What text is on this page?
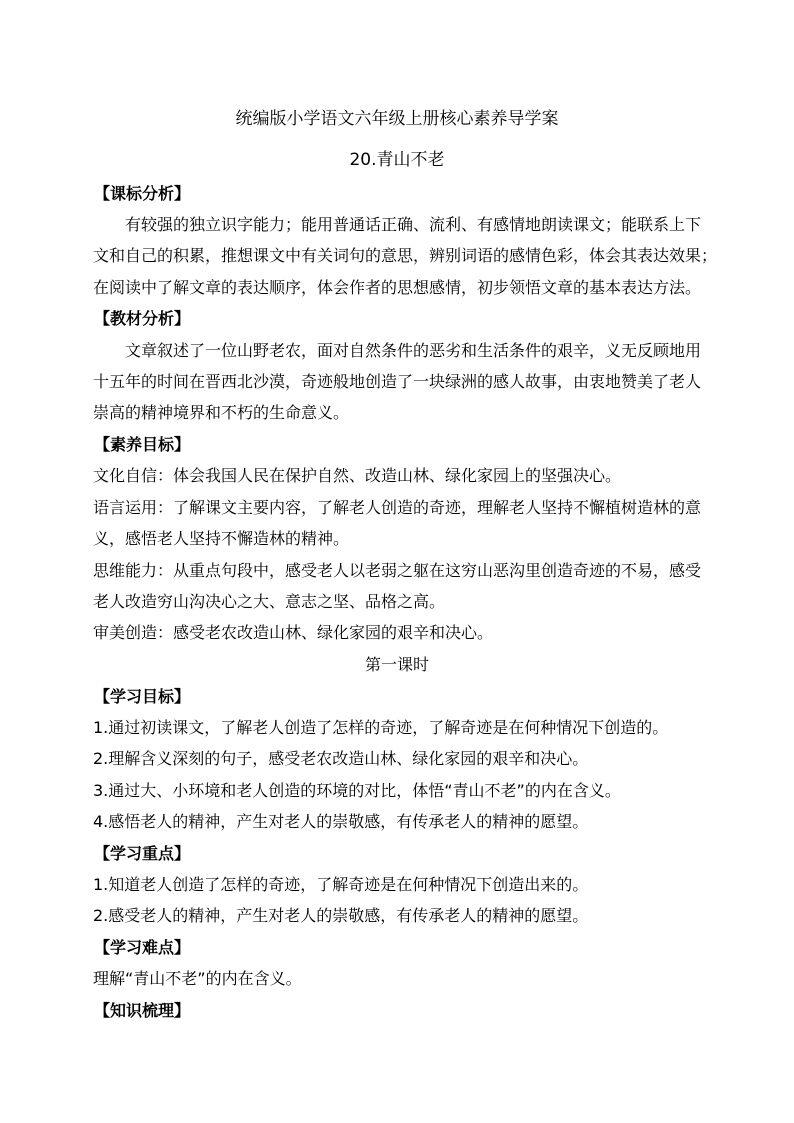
统编版小学语文六年级上册核心素养导学案
20.青山不老
【课标分析】
有较强的独立识字能力；能用普通话正确、流利、有感情地朗读课文；能联系上下
文和自己的积累，推想课文中有关词句的意思，辨别词语的感情色彩，体会其表达效果；
在阅读中了解文章的表达顺序，体会作者的思想感情，初步领悟文章的基本表达方法。
【教材分析】
文章叙述了一位山野老农，面对自然条件的恶劣和生活条件的艰辛，义无反顾地用
十五年的时间在晋西北沙漠，奇迹般地创造了一块绿洲的感人故事，由衷地赞美了老人
崇高的精神境界和不朽的生命意义。
【素养目标】
文化自信：体会我国人民在保护自然、改造山林、绿化家园上的坚强决心。
语言运用：了解课文主要内容，了解老人创造的奇迹，理解老人坚持不懈植树造林的意
义，感悟老人坚持不懈造林的精神。
思维能力：从重点句段中，感受老人以老弱之躯在这穷山恶沟里创造奇迹的不易，感受
老人改造穷山沟决心之大、意志之坚、品格之高。
审美创造：感受老农改造山林、绿化家园的艰辛和决心。
第一课时
【学习目标】
1.通过初读课文，了解老人创造了怎样的奇迹，了解奇迹是在何种情况下创造的。
2.理解含义深刻的句子，感受老农改造山林、绿化家园的艰辛和决心。
3.通过大、小环境和老人创造的环境的对比，体悟“青山不老”的内在含义。
4.感悟老人的精神，产生对老人的崇敬感，有传承老人的精神的愿望。
【学习重点】
1.知道老人创造了怎样的奇迹，了解奇迹是在何种情况下创造出来的。
2.感受老人的精神，产生对老人的崇敬感，有传承老人的精神的愿望。
【学习难点】
理解“青山不老”的内在含义。
【知识梳理】
